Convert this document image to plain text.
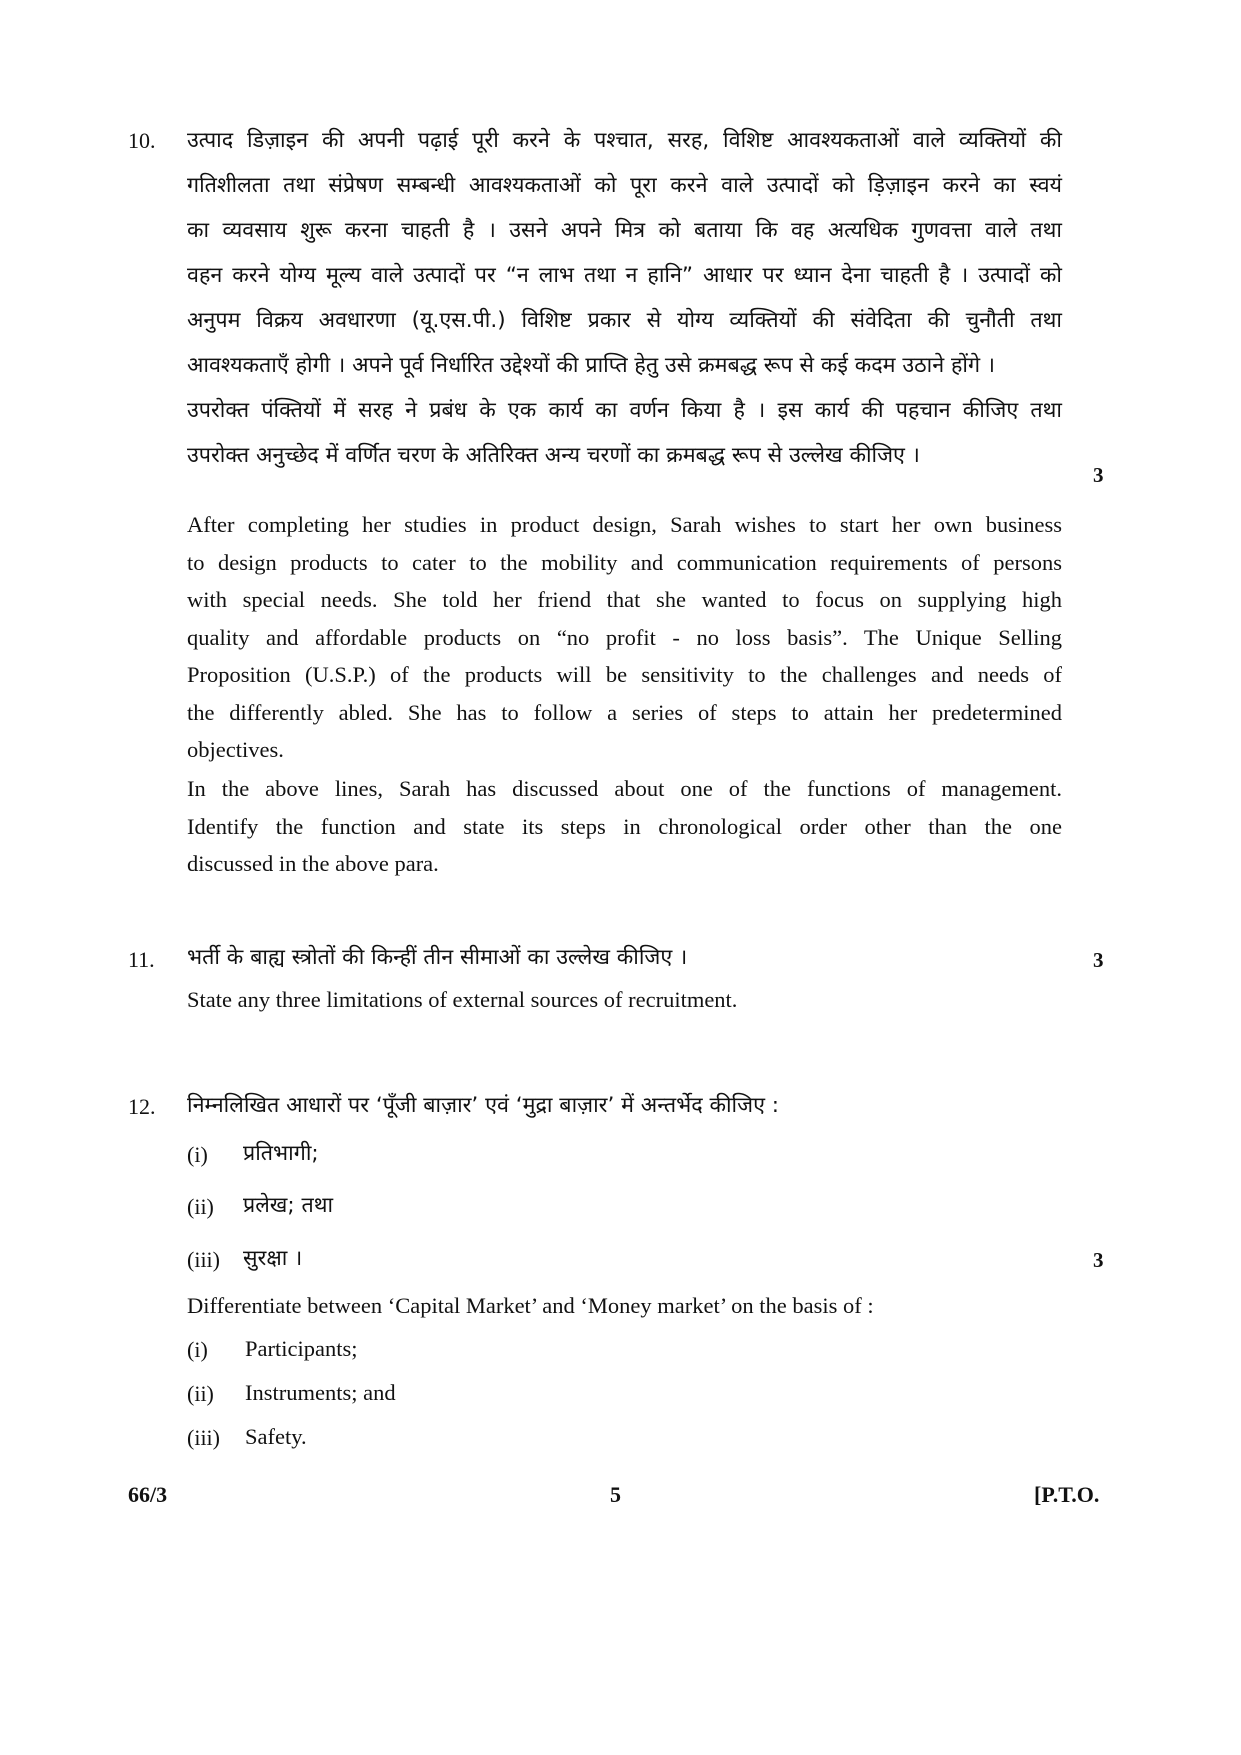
10. उत्पाद डिज़ाइन की अपनी पढ़ाई पूरी करने के पश्चात, सरह, विशिष्ट आवश्यकताओं वाले व्यक्तियों की
गतिशीलता तथा संप्रेषण सम्बन्धी आवश्यकताओं को पूरा करने वाले उत्पादों को ड़िज़ाइन करने का स्वयं
का व्यवसाय शुरू करना चाहती है । उसने अपने मित्र को बताया कि वह अत्यधिक गुणवत्ता वाले तथा
वहन करने योग्य मूल्य वाले उत्पादों पर “न लाभ तथा न हानि” आधार पर ध्यान देना चाहती है । उत्पादों को
अनुपम विक्रय अवधारणा (यू.एस.पी.) विशिष्ट प्रकार से योग्य व्यक्तियों की संवेदिता की चुनौती तथा
आवश्यकताएँ होगी । अपने पूर्व निर्धारित उद्देश्यों की प्राप्ति हेतु उसे क्रमबद्ध रूप से कई कदम उठाने होंगे ।
उपरोक्त पंक्तियों में सरह ने प्रबंध के एक कार्य का वर्णन किया है । इस कार्य की पहचान कीजिए तथा
उपरोक्त अनुच्छेद में वर्णित चरण के अतिरिक्त अन्य चरणों का क्रमबद्ध रूप से उल्लेख कीजिए ।
3
After completing her studies in product design, Sarah wishes to start her own business
to design products to cater to the mobility and communication requirements of persons
with special needs. She told her friend that she wanted to focus on supplying high
quality and affordable products on “no profit - no loss basis”. The Unique Selling
Proposition (U.S.P.) of the products will be sensitivity to the challenges and needs of
the differently abled. She has to follow a series of steps to attain her predetermined
objectives.
In the above lines, Sarah has discussed about one of the functions of management.
Identify the function and state its steps in chronological order other than the one
discussed in the above para.
11. भर्ती के बाह्य स्त्रोतों की किन्हीं तीन सीमाओं का उल्लेख कीजिए ।	3
State any three limitations of external sources of recruitment.
12. निम्नलिखित आधारों पर ‘पूँजी बाज़ार’ एवं ‘मुद्रा बाज़ार’ में अन्तर्भेद कीजिए :
(i) प्रतिभागी;
(ii) प्रलेख; तथा
(iii) सुरक्षा ।	3
Differentiate between ‘Capital Market’ and ‘Money market’ on the basis of :
(i) Participants;
(ii) Instruments; and
(iii) Safety.
66/3	5	[P.T.O.
